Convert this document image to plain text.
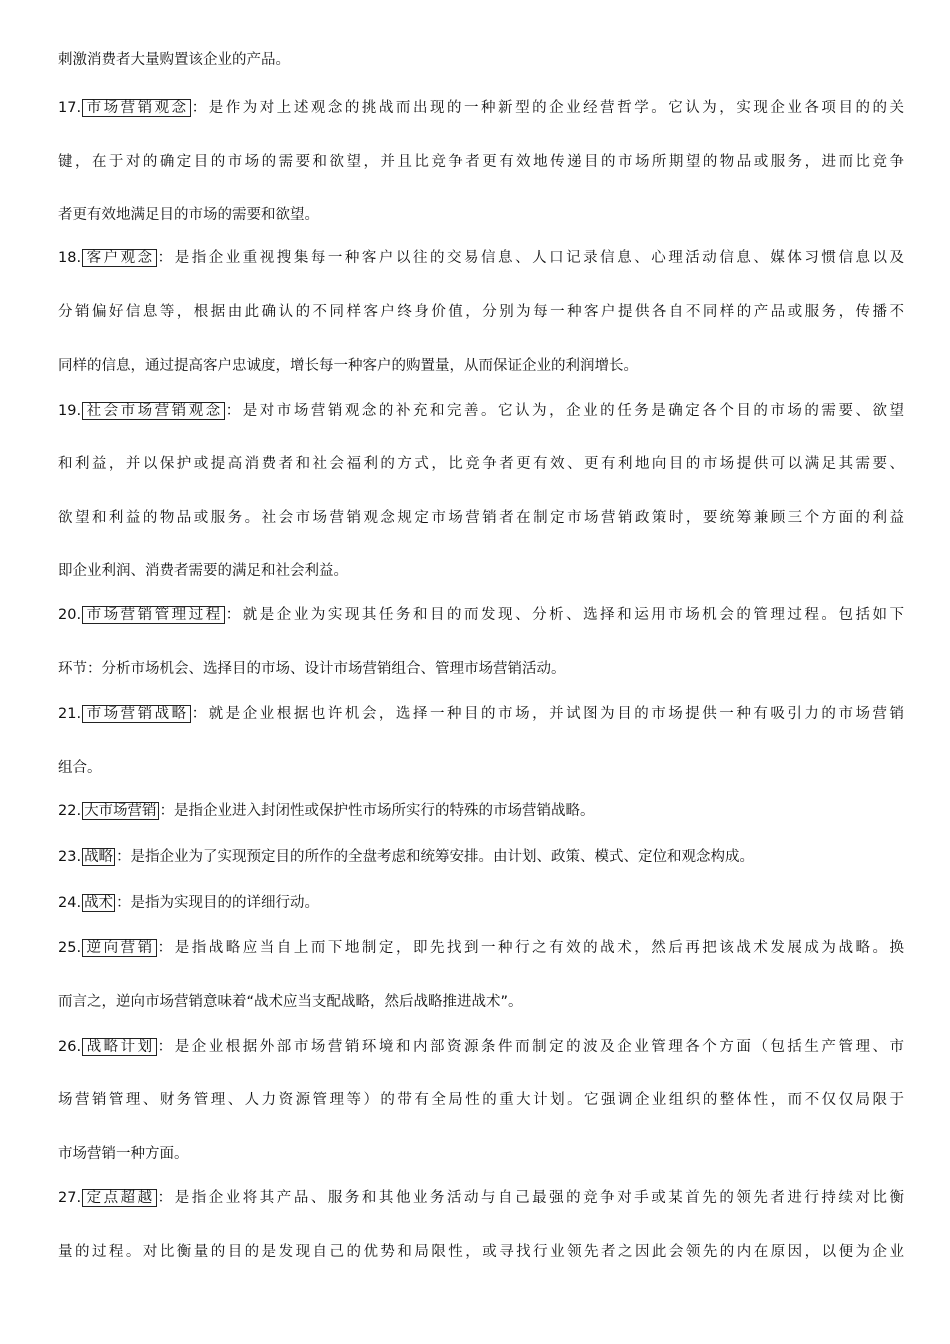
刺激消费者大量购置该企业的产品。
17. 市场营销观念 ：是作为对上述观念的挑战而出现的一种新型的企业经营哲学。它认为，实现企业各项目的的关
键，在于对的确定目的市场的需要和欲望，并且比竞争者更有效地传递目的市场所期望的物品或服务，进而比竞争
者更有效地满足目的市场的需要和欲望。
18. 客户观念 ：是指企业重视搜集每一种客户以往的交易信息、人口记录信息、心理活动信息、媒体习惯信息以及
分销偏好信息等，根据由此确认的不同样客户终身价值，分别为每一种客户提供各自不同样的产品或服务，传播不
同样的信息，通过提高客户忠诚度，增长每一种客户的购置量，从而保证企业的利润增长。
19. 社会市场营销观念 ：是对市场营销观念的补充和完善。它认为，企业的任务是确定各个目的市场的需要、欲望
和利益，并以保护或提高消费者和社会福利的方式，比竞争者更有效、更有利地向目的市场提供可以满足其需要、
欲望和利益的物品或服务。社会市场营销观念规定市场营销者在制定市场营销政策时，要统筹兼顾三个方面的利益
即企业利润、消费者需要的满足和社会利益。
20. 市场营销管理过程 ：就是企业为实现其任务和目的而发现、分析、选择和运用市场机会的管理过程。包括如下
环节：分析市场机会、选择目的市场、设计市场营销组合、管理市场营销活动。
21. 市场营销战略 ：就是企业根据也许机会，选择一种目的市场，并试图为目的市场提供一种有吸引力的市场营销
组合。
22. 大市场营销 ：是指企业进入封闭性或保护性市场所实行的特殊的市场营销战略。
23. 战略 ：是指企业为了实现预定目的所作的全盘考虑和统筹安排。由计划、政策、模式、定位和观念构成。
24. 战术 ：是指为实现目的的详细行动。
25. 逆向营销 ：是指战略应当自上而下地制定，即先找到一种行之有效的战术，然后再把该战术发展成为战略。换
而言之，逆向市场营销意味着“战术应当支配战略，然后战略推进战术”。
26. 战略计划 ：是企业根据外部市场营销环境和内部资源条件而制定的波及企业管理各个方面（包括生产管理、市
场营销管理、财务管理、人力资源管理等）的带有全局性的重大计划。它强调企业组织的整体性，而不仅仅局限于
市场营销一种方面。
27. 定点超越 ：是指企业将其产品、服务和其他业务活动与自己最强的竞争对手或某首先的领先者进行持续对比衡
量的过程。对比衡量的目的是发现自己的优势和局限性，或寻找行业领先者之因此会领先的内在原因，以便为企业
